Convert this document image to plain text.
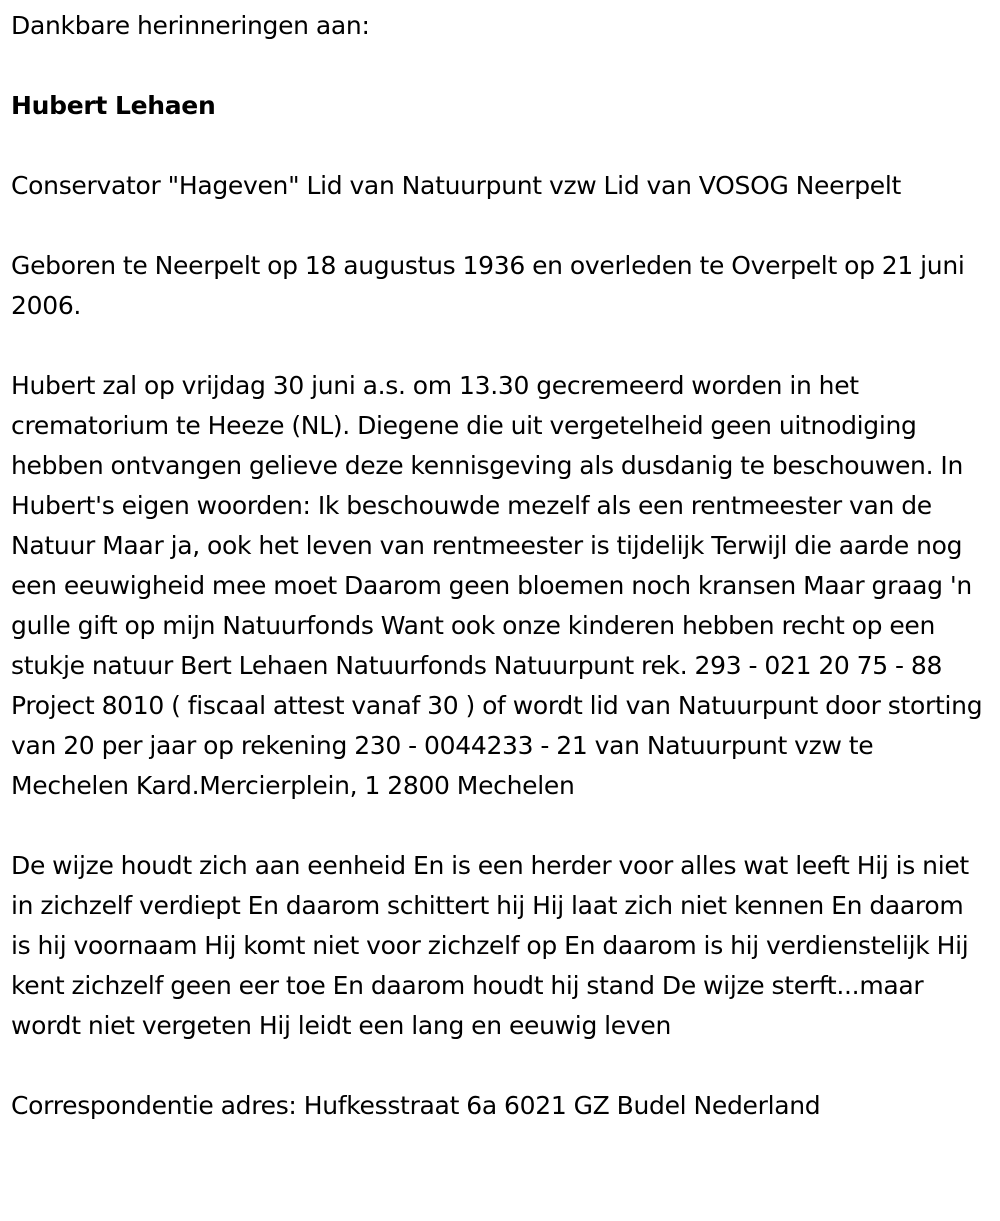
Dankbare herinneringen aan:

Hubert Lehaen

Conservator "Hageven" Lid van Natuurpunt vzw Lid van VOSOG Neerpelt

Geboren te Neerpelt op 18 augustus 1936 en overleden te Overpelt op 21 juni 2006.

Hubert zal op vrijdag 30 juni a.s. om 13.30 gecremeerd worden in het crematorium te Heeze (NL). Diegene die uit vergetelheid geen uitnodiging hebben ontvangen gelieve deze kennisgeving als dusdanig te beschouwen. In Hubert's eigen woorden: Ik beschouwde mezelf als een rentmeester van de Natuur Maar ja, ook het leven van rentmeester is tijdelijk Terwijl die aarde nog een eeuwigheid mee moet Daarom geen bloemen noch kransen Maar graag 'n gulle gift op mijn Natuurfonds Want ook onze kinderen hebben recht op een stukje natuur Bert Lehaen Natuurfonds Natuurpunt rek. 293 - 021 20 75 - 88 Project 8010 ( fiscaal attest vanaf 30 ) of wordt lid van Natuurpunt door storting van 20 per jaar op rekening 230 - 0044233 - 21 van Natuurpunt vzw te Mechelen Kard.Mercierplein, 1 2800 Mechelen

De wijze houdt zich aan eenheid En is een herder voor alles wat leeft Hij is niet in zichzelf verdiept En daarom schittert hij Hij laat zich niet kennen En daarom is hij voornaam Hij komt niet voor zichzelf op En daarom is hij verdienstelijk Hij kent zichzelf geen eer toe En daarom houdt hij stand De wijze sterft...maar wordt niet vergeten Hij leidt een lang en eeuwig leven

Correspondentie adres: Hufkesstraat 6a 6021 GZ Budel Nederland
